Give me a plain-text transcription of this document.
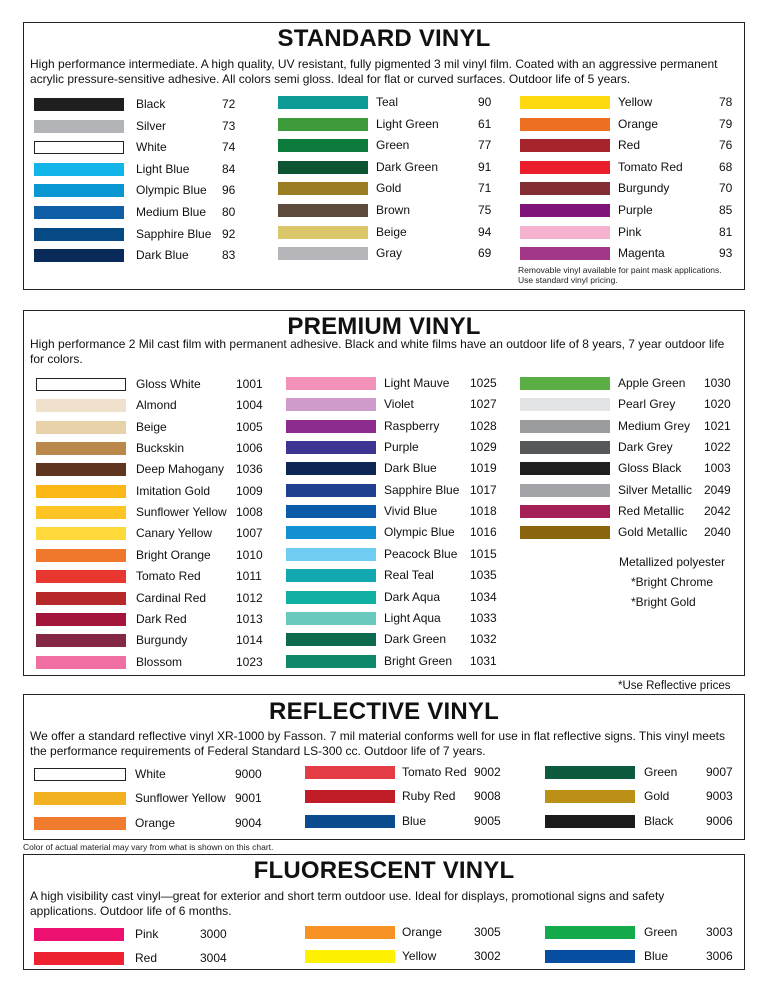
STANDARD VINYL
High performance intermediate. A high quality, UV resistant, fully pigmented 3 mil vinyl film. Coated with an aggressive permanent acrylic pressure-sensitive adhesive. All colors semi gloss. Ideal for flat or curved surfaces. Outdoor life of 5 years.
Black	72
Silver	73
White	74
Light Blue	84
Olympic Blue 96
Medium Blue 80
Sapphire Blue 92
Dark Blue	83
Teal	90
Light Green	61
Green	77
Dark Green	91
Gold	71
Brown	75
Beige	94
Gray	69
Yellow	78
Orange	79
Red	76
Tomato Red	68
Burgundy	70
Purple	85
Pink	81
Magenta	93
Removable vinyl available for paint mask applications.
Use standard vinyl pricing.
PREMIUM VINYL
High performance 2 Mil cast film with permanent adhesive. Black and white films have an outdoor life of 8 years, 7 year outdoor life for colors.
Gloss White	1001
Almond	1004
Beige	1005
Buckskin	1006
Deep Mahogany 1036
Imitation Gold 1009
Sunflower Yellow 1008
Canary Yellow 1007
Bright Orange 1010
Tomato Red	1011
Cardinal Red 1012
Dark Red	1013
Burgundy	1014
Blossom	1023
Light Mauve 1025
Violet	1027
Raspberry	1028
Purple	1029
Dark Blue	1019
Sapphire Blue 1017
Vivid Blue	1018
Olympic Blue 1016
Peacock Blue 1015
Real Teal	1035
Dark Aqua 1034
Light Aqua 1033
Dark Green 1032
Bright Green 1031
Apple Green 1030
Pearl Grey 1020
Medium Grey 1021
Dark Grey	1022
Gloss Black 1003
Silver Metallic 2049
Red Metallic 2042
Gold Metallic 2040
Metallized polyester
*Bright Chrome
*Bright Gold
*Use Reflective prices
REFLECTIVE VINYL
We offer a standard reflective vinyl XR-1000 by Fasson. 7 mil material conforms well for use in flat reflective signs. This vinyl meets the performance requirements of Federal Standard LS-300 cc. Outdoor life of 7 years.
White	9000
Sunflower Yellow 9001
Orange	9004
Tomato Red 9002
Ruby Red 9008
Blue	9005
Green 9007
Gold	9003
Black	9006
Color of actual material may vary from what is shown on this chart.
FLUORESCENT VINYL
A high visibility cast vinyl—great for exterior and short term outdoor use. Ideal for displays, promotional signs and safety applications. Outdoor life of 6 months.
Pink	3000
Red	3004
Orange	3005
Yellow	3002
Green 3003
Blue	3006
